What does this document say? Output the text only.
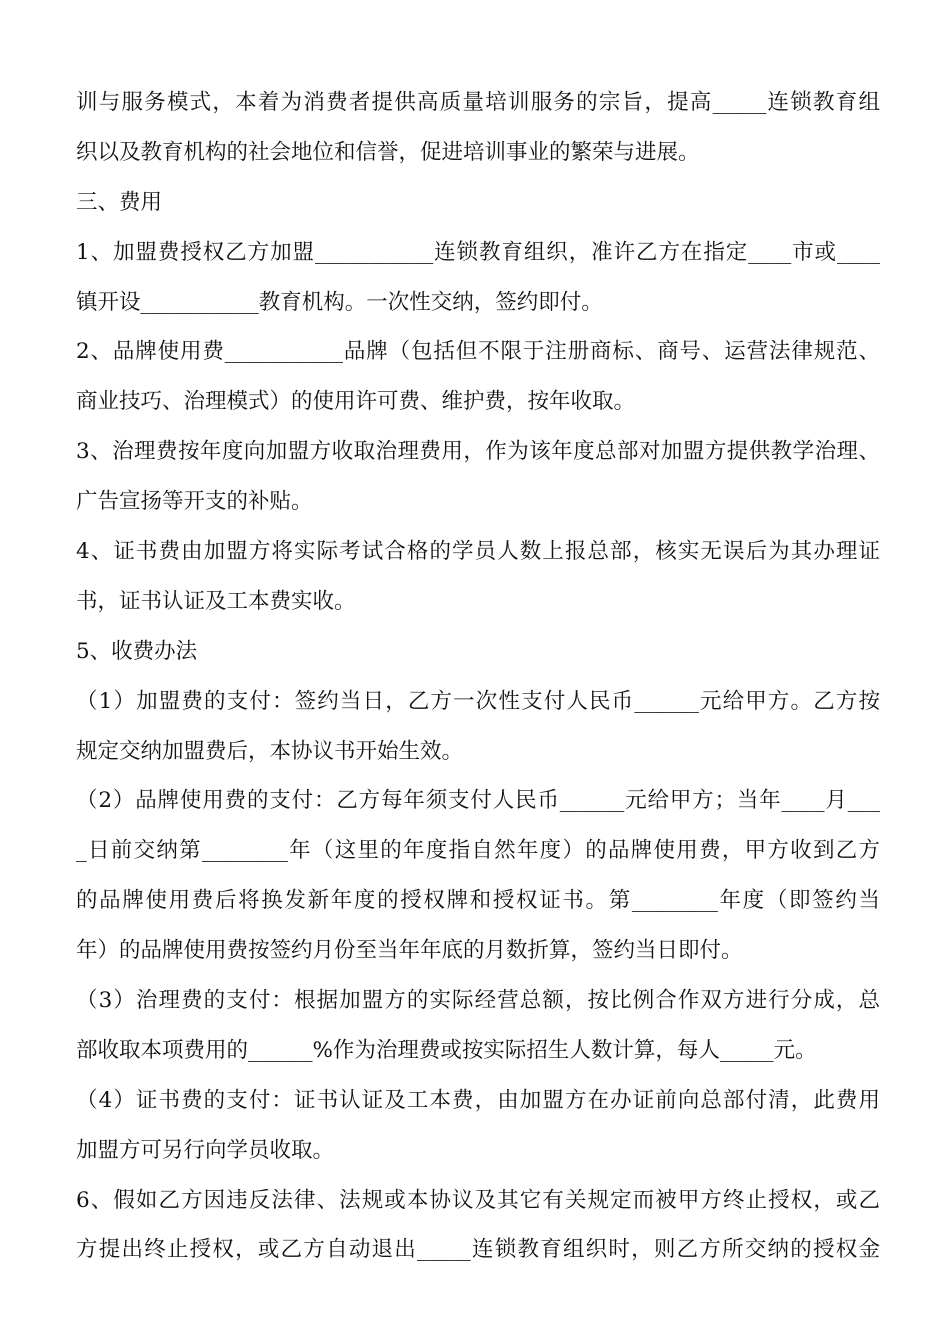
训与服务模式，本着为消费者提供高质量培训服务的宗旨，提高_____连锁教育组
织以及教育机构的社会地位和信誉，促进培训事业的繁荣与进展。
三、费用
1、加盟费授权乙方加盟___________连锁教育组织，准许乙方在指定____市或____
镇开设___________教育机构。一次性交纳，签约即付。
2、品牌使用费___________品牌（包括但不限于注册商标、商号、运营法律规范、
商业技巧、治理模式）的使用许可费、维护费，按年收取。
3、治理费按年度向加盟方收取治理费用，作为该年度总部对加盟方提供教学治理、
广告宣扬等开支的补贴。
4、证书费由加盟方将实际考试合格的学员人数上报总部，核实无误后为其办理证
书，证书认证及工本费实收。
5、收费办法
（1）加盟费的支付：签约当日，乙方一次性支付人民币______元给甲方。乙方按
规定交纳加盟费后，本协议书开始生效。
（2）品牌使用费的支付：乙方每年须支付人民币______元给甲方；当年____月___
_日前交纳第________年（这里的年度指自然年度）的品牌使用费，甲方收到乙方
的品牌使用费后将换发新年度的授权牌和授权证书。第________年度（即签约当
年）的品牌使用费按签约月份至当年年底的月数折算，签约当日即付。
（3）治理费的支付：根据加盟方的实际经营总额，按比例合作双方进行分成，总
部收取本项费用的______%作为治理费或按实际招生人数计算，每人_____元。
（4）证书费的支付：证书认证及工本费，由加盟方在办证前向总部付清，此费用
加盟方可另行向学员收取。
6、假如乙方因违反法律、法规或本协议及其它有关规定而被甲方终止授权，或乙
方提出终止授权，或乙方自动退出_____连锁教育组织时，则乙方所交纳的授权金
